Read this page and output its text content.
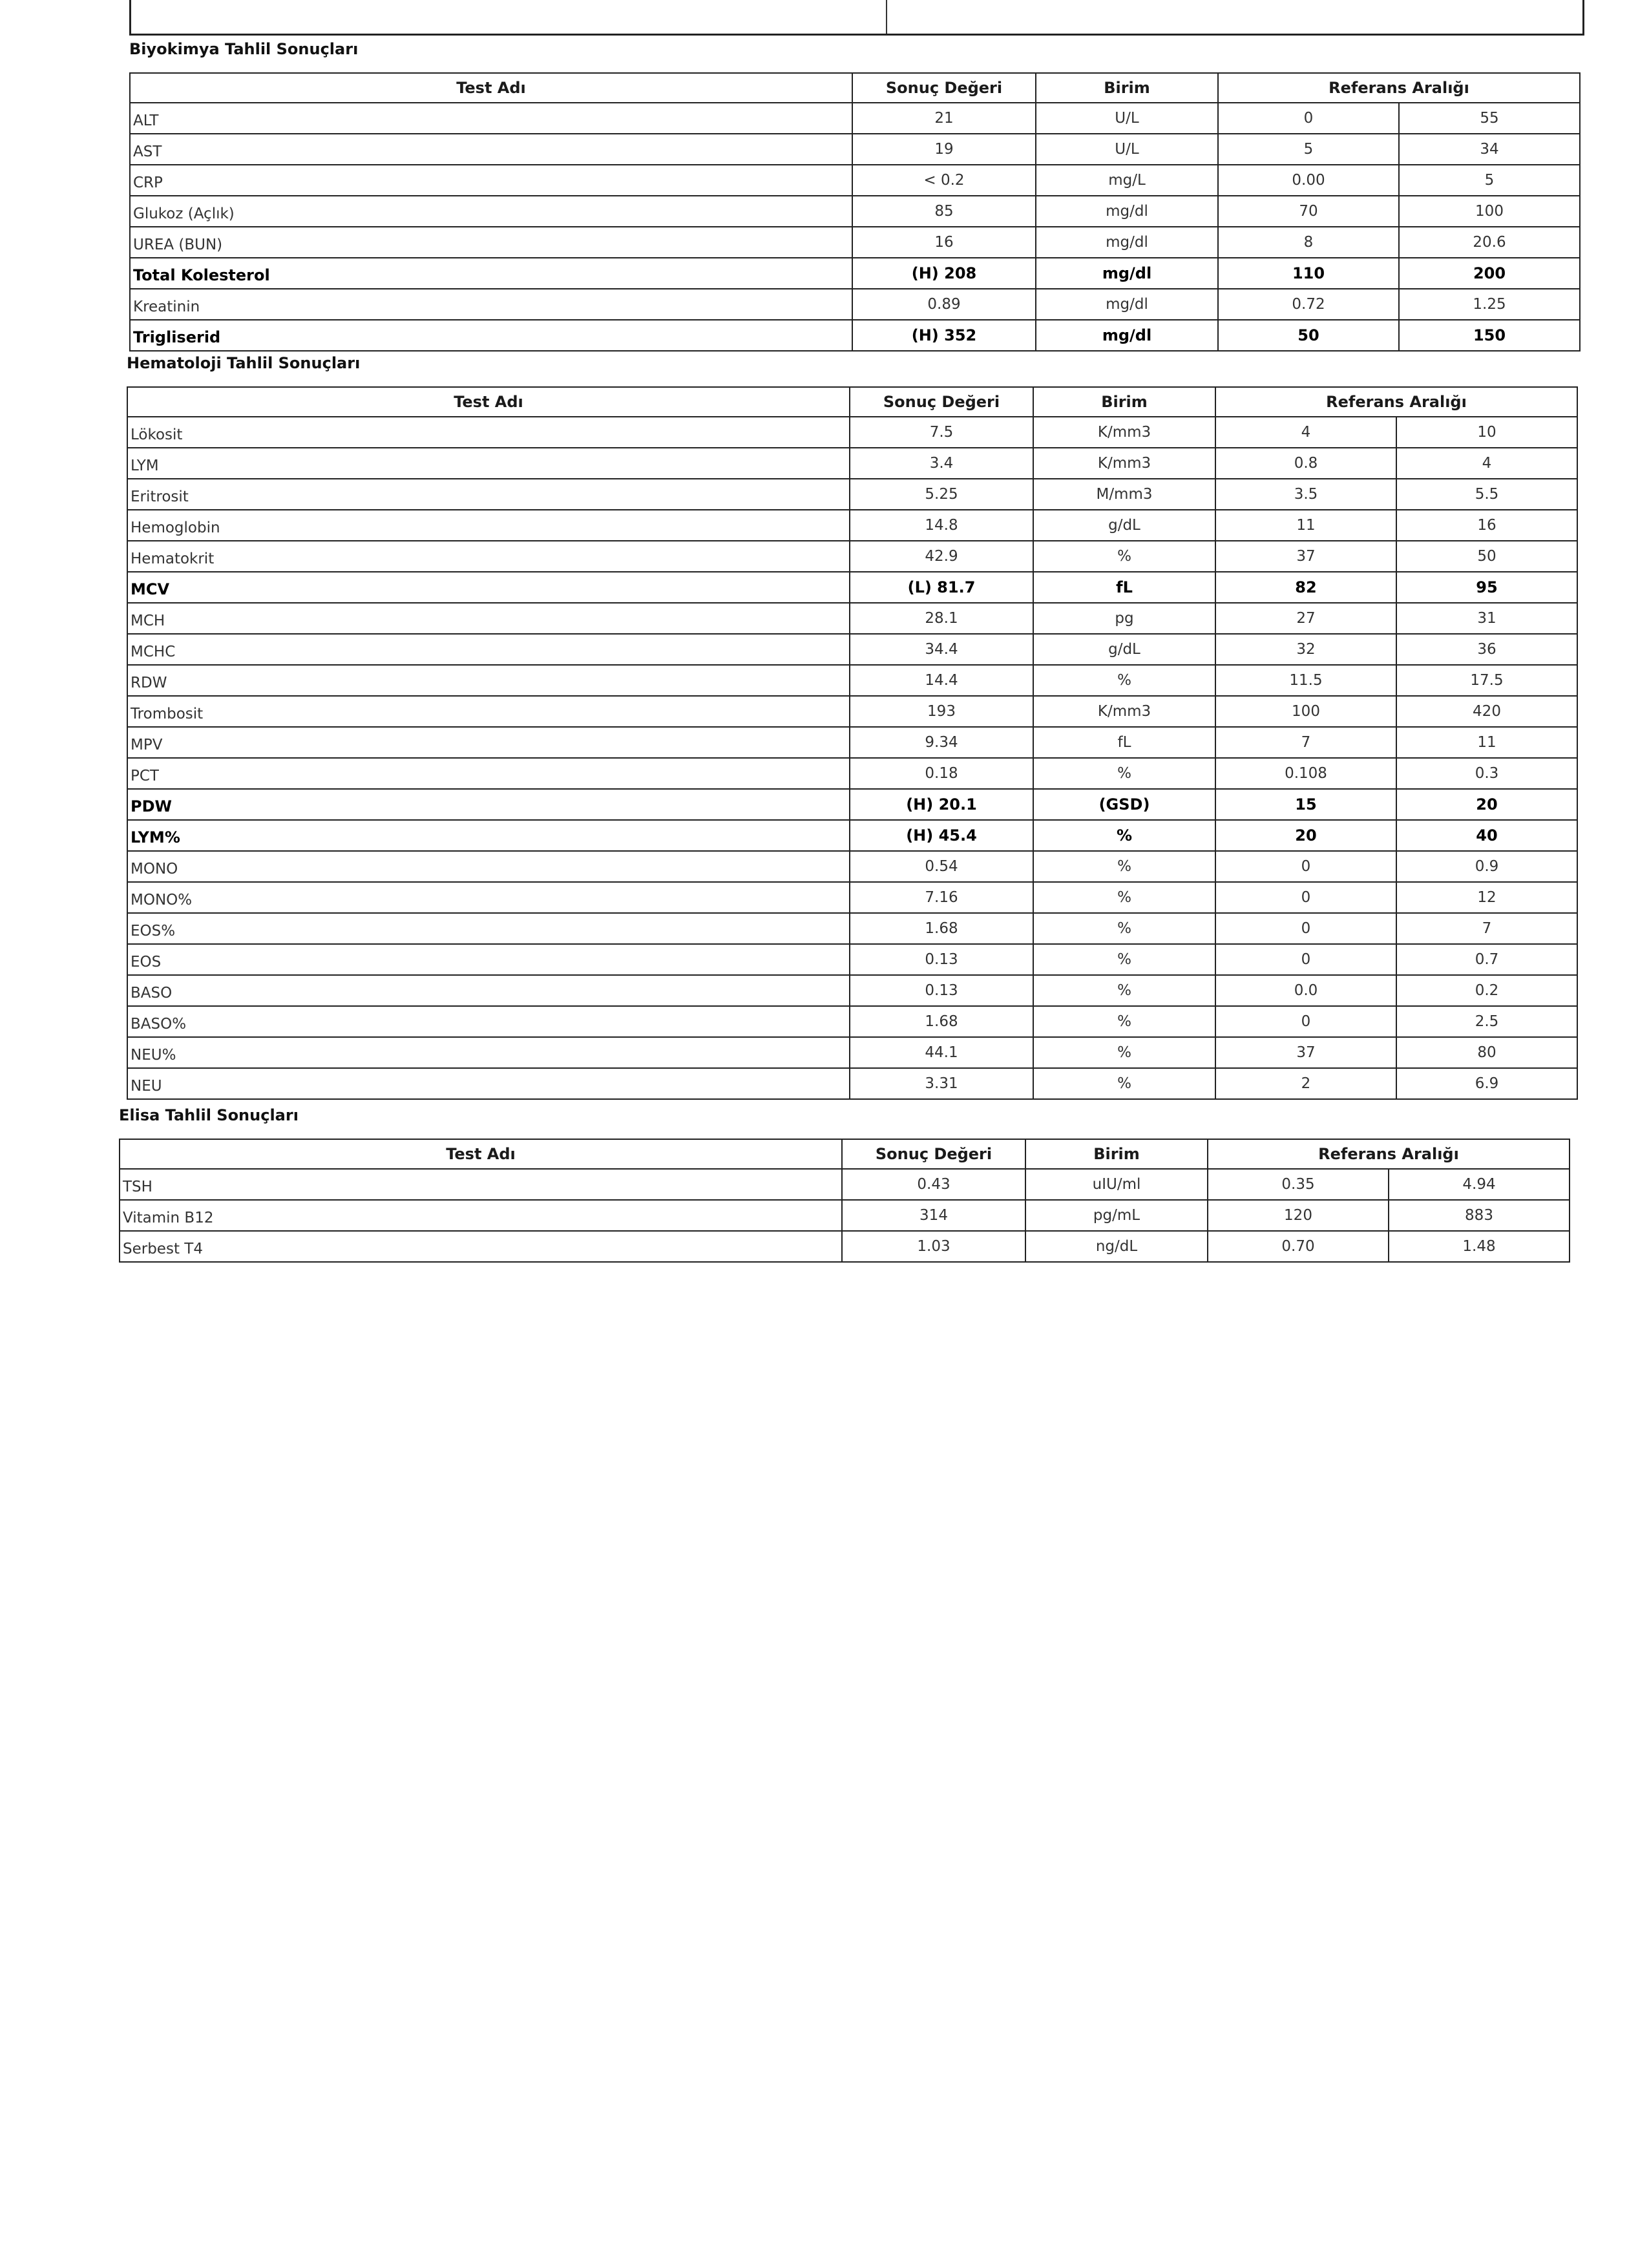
Biyokimya Tahlil Sonuçları
Test Adı	Sonuç Değeri	Birim	Referans Aralığı	
ALT	21	U/L	0	55
AST	19	U/L	5	34
CRP	< 0.2	mg/L	0.00	5
Glukoz (Açlık)	85	mg/dl	70	100
UREA (BUN)	16	mg/dl	8	20.6
Total Kolesterol	(H) 208	mg/dl	110	200
Kreatinin	0.89	mg/dl	0.72	1.25
Trigliserid	(H) 352	mg/dl	50	150
Hematoloji Tahlil Sonuçları
Test Adı	Sonuç Değeri	Birim	Referans Aralığı	
Lökosit	7.5	K/mm3	4	10
LYM	3.4	K/mm3	0.8	4
Eritrosit	5.25	M/mm3	3.5	5.5
Hemoglobin	14.8	g/dL	11	16
Hematokrit	42.9	%	37	50
MCV	(L) 81.7	fL	82	95
MCH	28.1	pg	27	31
MCHC	34.4	g/dL	32	36
RDW	14.4	%	11.5	17.5
Trombosit	193	K/mm3	100	420
MPV	9.34	fL	7	11
PCT	0.18	%	0.108	0.3
PDW	(H) 20.1	(GSD)	15	20
LYM%	(H) 45.4	%	20	40
MONO	0.54	%	0	0.9
MONO%	7.16	%	0	12
EOS%	1.68	%	0	7
EOS	0.13	%	0	0.7
BASO	0.13	%	0.0	0.2
BASO%	1.68	%	0	2.5
NEU%	44.1	%	37	80
NEU	3.31	%	2	6.9
Elisa Tahlil Sonuçları
Test Adı	Sonuç Değeri	Birim	Referans Aralığı	
TSH	0.43	uIU/ml	0.35	4.94
Vitamin B12	314	pg/mL	120	883
Serbest T4	1.03	ng/dL	0.70	1.48
